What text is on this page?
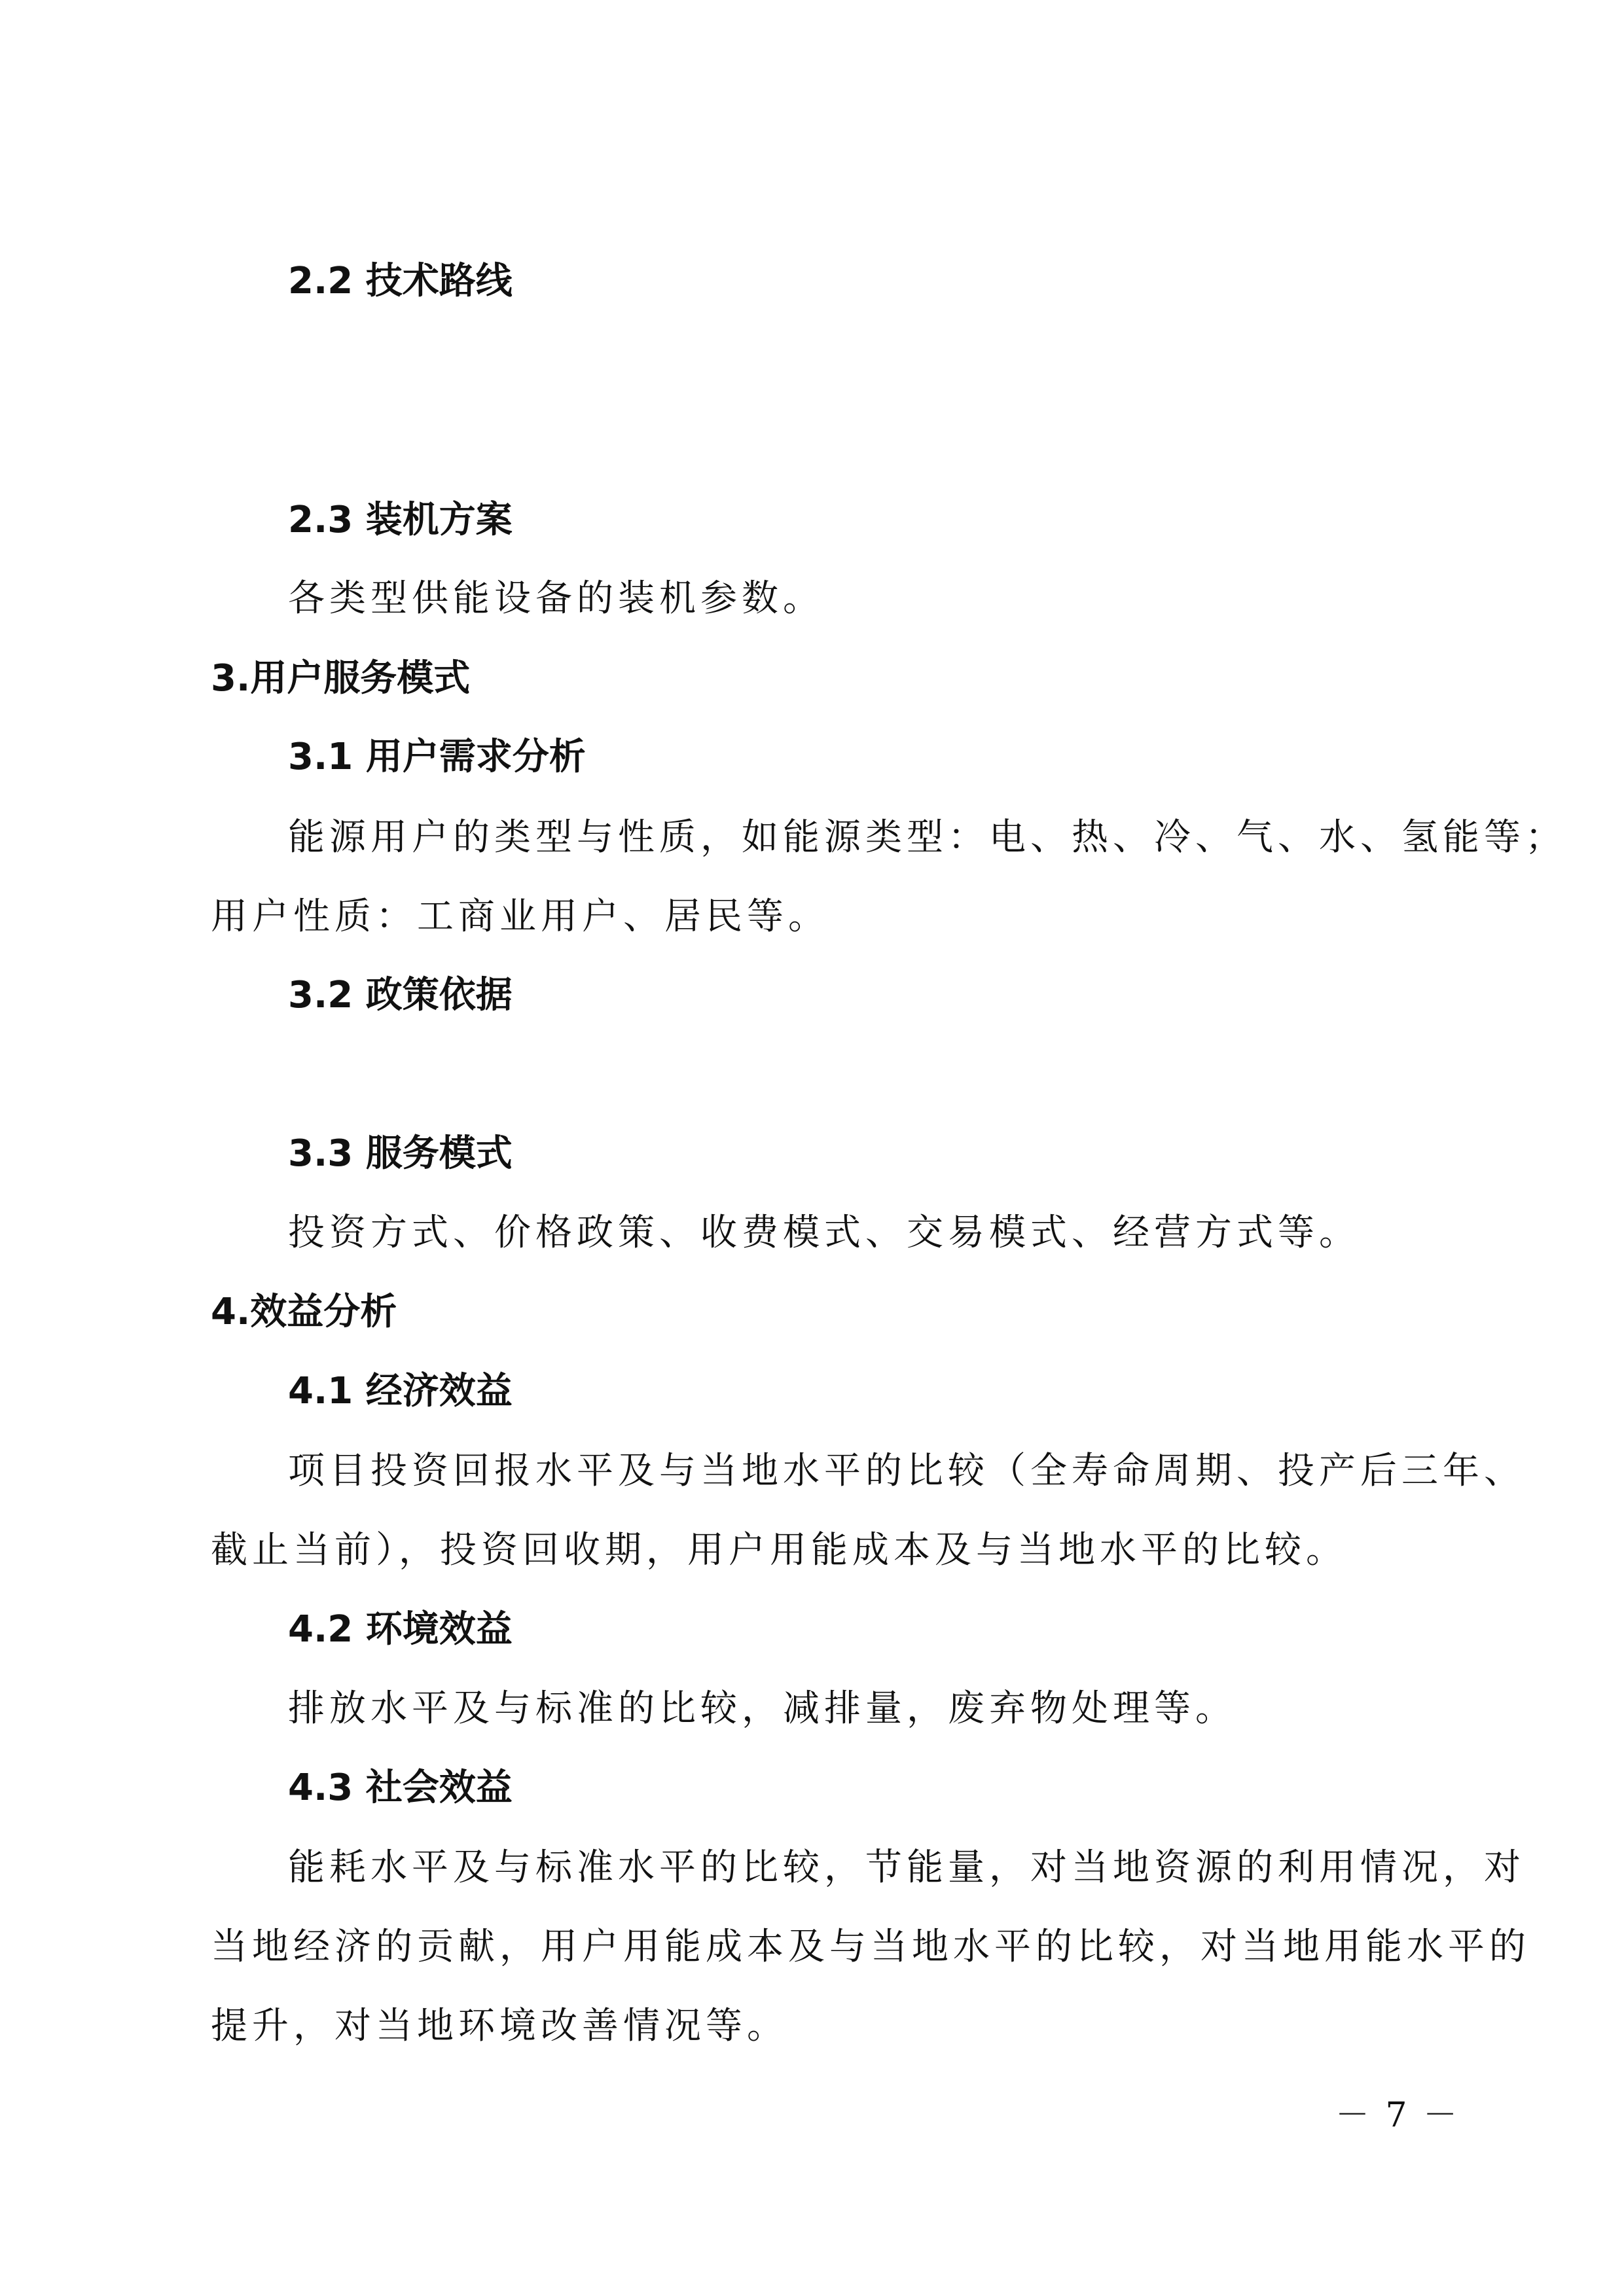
2.2 技术路线
2.3 装机方案

各类型供能设备的装机参数。

3.用户服务模式
3.1 用户需求分析

能源用户的类型与性质，如能源类型：电、热、冷、气、水、氢能等；

用户性质：工商业用户、居民等。

3.2 政策依据
3.3 服务模式

投资方式、价格政策、收费模式、交易模式、经营方式等。

4.效益分析
4.1 经济效益

项目投资回报水平及与当地水平的比较（全寿命周期、投产后三年、

截止当前），投资回收期，用户用能成本及与当地水平的比较。

4.2 环境效益

排放水平及与标准的比较，减排量，废弃物处理等。

4.3 社会效益

能耗水平及与标准水平的比较，节能量，对当地资源的利用情况，对

当地经济的贡献，用户用能成本及与当地水平的比较，对当地用能水平的

提升，对当地环境改善情况等。

－ 7 －
